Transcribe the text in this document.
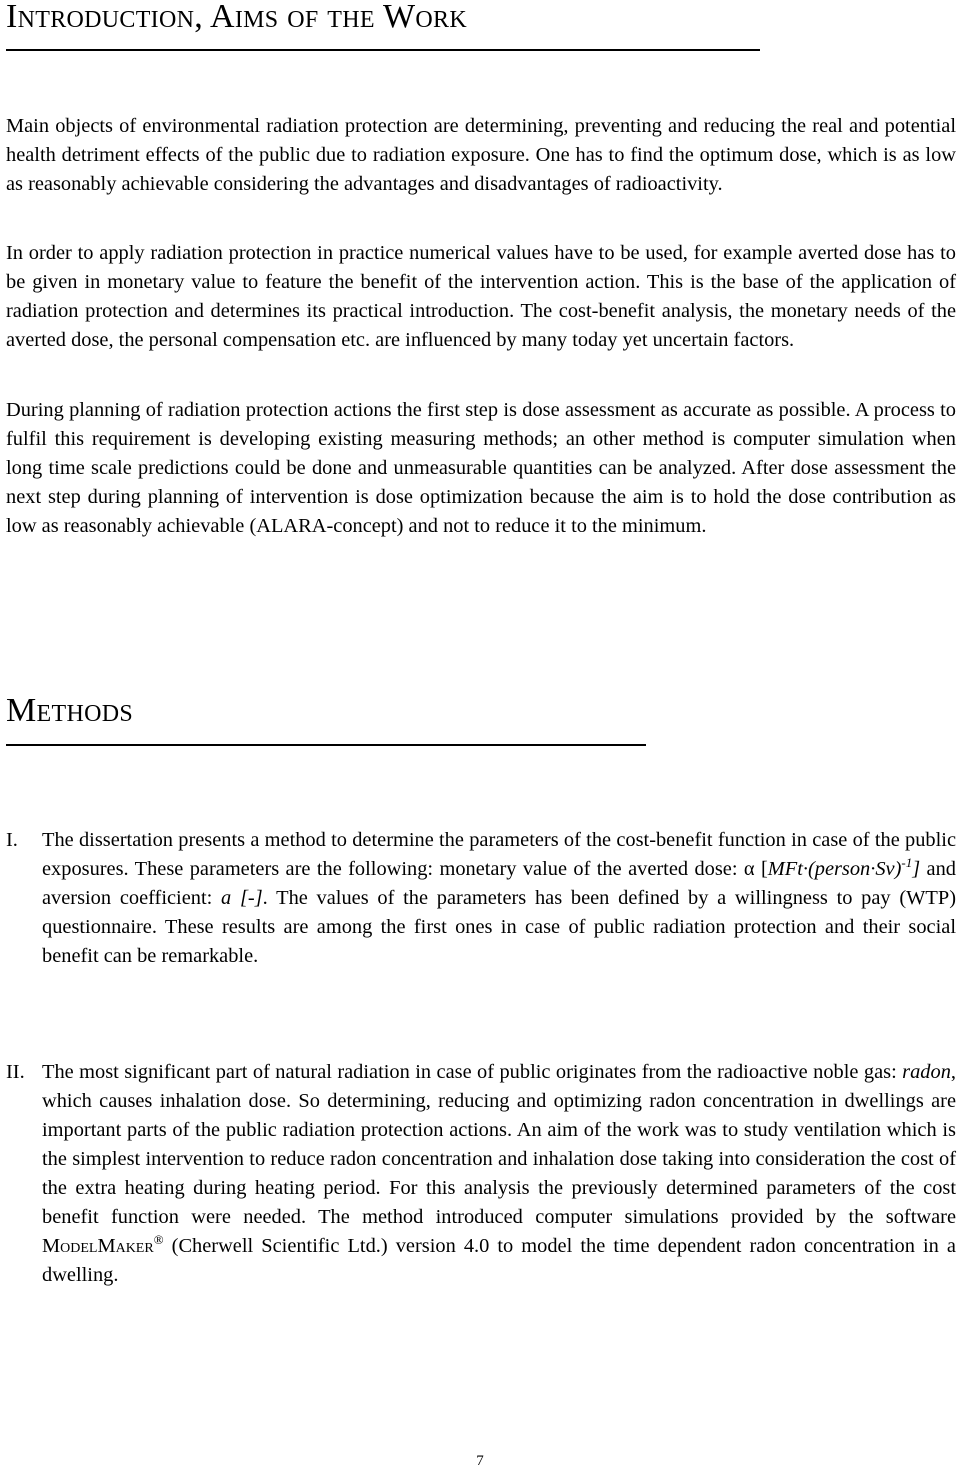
Introduction, Aims of the Work

Main objects of environmental radiation protection are determining, preventing and reducing the real and potential health detriment effects of the public due to radiation exposure. One has to find the optimum dose, which is as low as reasonably achievable considering the advantages and disadvantages of radioactivity.

In order to apply radiation protection in practice numerical values have to be used, for example averted dose has to be given in monetary value to feature the benefit of the intervention action. This is the base of the application of radiation protection and determines its practical introduction. The cost-benefit analysis, the monetary needs of the averted dose, the personal compensation etc. are influenced by many today yet uncertain factors.

During planning of radiation protection actions the first step is dose assessment as accurate as possible. A process to fulfil this requirement is developing existing measuring methods; an other method is computer simulation when long time scale predictions could be done and unmeasurable quantities can be analyzed. After dose assessment the next step during planning of intervention is dose optimization because the aim is to hold the dose contribution as low as reasonably achievable (ALARA-concept) and not to reduce it to the minimum.

Methods
I.	The dissertation presents a method to determine the parameters of the cost-benefit function in case of the public exposures. These parameters are the following: monetary value of the averted dose: α [MFt·(person·Sv)$^{-1}$] and aversion coefficient: a [-]. The values of the parameters has been defined by a willingness to pay (WTP) questionnaire. These results are among the first ones in case of public radiation protection and their social benefit can be remarkable.

II. The most significant part of natural radiation in case of public originates from the radioactive noble gas: radon, which causes inhalation dose. So determining, reducing and optimizing radon concentration in dwellings are important parts of the public radiation protection actions. An aim of the work was to study ventilation which is the simplest intervention to reduce radon concentration and inhalation dose taking into consideration the cost of the extra heating during heating period. For this analysis the previously determined parameters of the cost benefit function were needed. The method introduced computer simulations provided by the software ModelMaker® (Cherwell Scientific Ltd.) version 4.0 to model the time dependent radon concentration in a dwelling.

7
